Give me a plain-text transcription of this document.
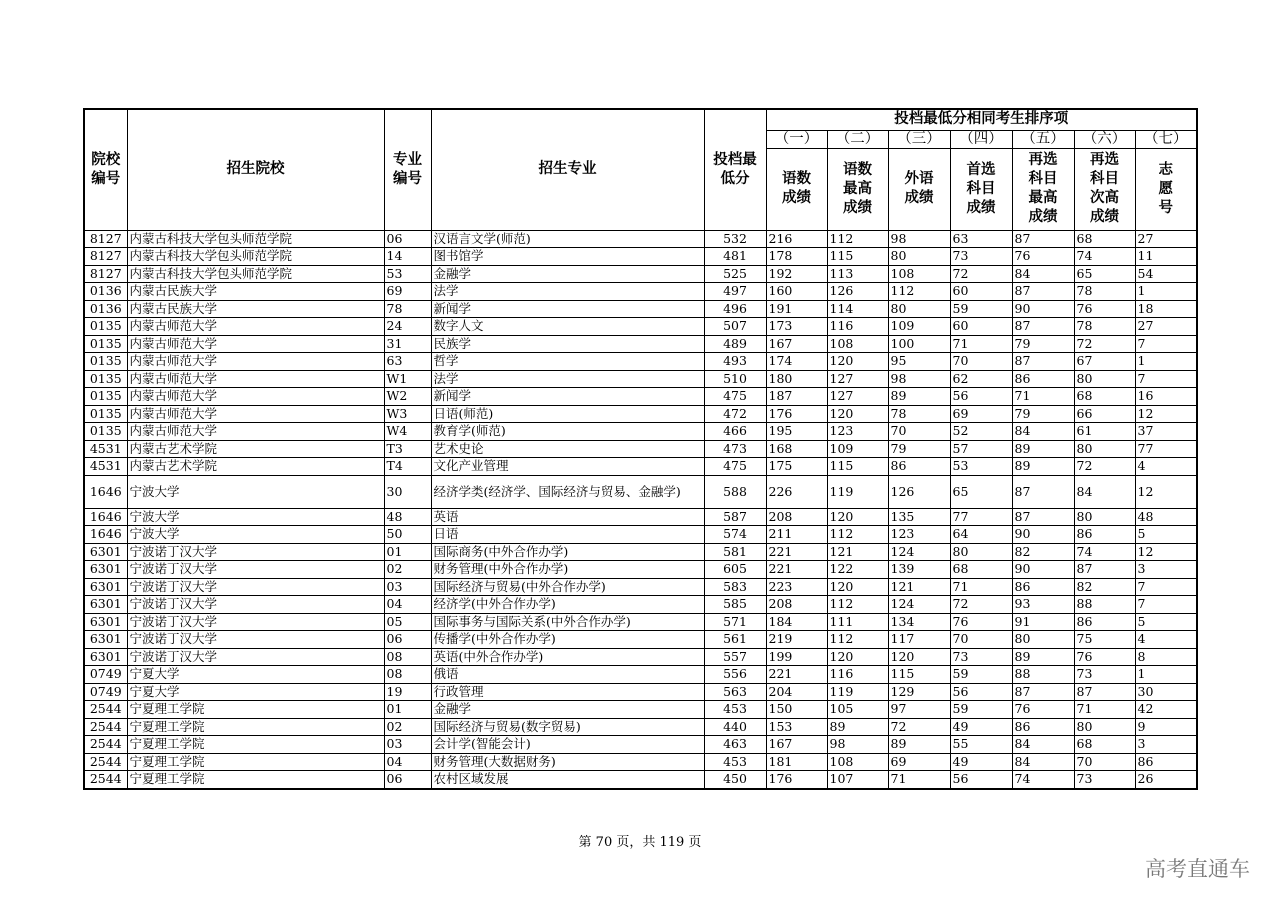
院校编号	招生院校	专业编号	招生专业	投档最低分	投档最低分相同考生排序项						
					（一）	（二）	（三）	（四）	（五）	（六）	（七）
					语数成绩	语数最高成绩	外语成绩	首选科目成绩	再选科目最高成绩	再选科目次高成绩	志愿号
8127	内蒙古科技大学包头师范学院	06	汉语言文学(师范)	532	216	112	98	63	87	68	27
8127	内蒙古科技大学包头师范学院	14	图书馆学	481	178	115	80	73	76	74	11
8127	内蒙古科技大学包头师范学院	53	金融学	525	192	113	108	72	84	65	54
0136	内蒙古民族大学	69	法学	497	160	126	112	60	87	78	1
0136	内蒙古民族大学	78	新闻学	496	191	114	80	59	90	76	18
0135	内蒙古师范大学	24	数字人文	507	173	116	109	60	87	78	27
0135	内蒙古师范大学	31	民族学	489	167	108	100	71	79	72	7
0135	内蒙古师范大学	63	哲学	493	174	120	95	70	87	67	1
0135	内蒙古师范大学	W1	法学	510	180	127	98	62	86	80	7
0135	内蒙古师范大学	W2	新闻学	475	187	127	89	56	71	68	16
0135	内蒙古师范大学	W3	日语(师范)	472	176	120	78	69	79	66	12
0135	内蒙古师范大学	W4	教育学(师范)	466	195	123	70	52	84	61	37
4531	内蒙古艺术学院	T3	艺术史论	473	168	109	79	57	89	80	77
4531	内蒙古艺术学院	T4	文化产业管理	475	175	115	86	53	89	72	4
1646	宁波大学	30	经济学类(经济学、国际经济与贸易、金融学)	588	226	119	126	65	87	84	12
1646	宁波大学	48	英语	587	208	120	135	77	87	80	48
1646	宁波大学	50	日语	574	211	112	123	64	90	86	5
6301	宁波诺丁汉大学	01	国际商务(中外合作办学)	581	221	121	124	80	82	74	12
6301	宁波诺丁汉大学	02	财务管理(中外合作办学)	605	221	122	139	68	90	87	3
6301	宁波诺丁汉大学	03	国际经济与贸易(中外合作办学)	583	223	120	121	71	86	82	7
6301	宁波诺丁汉大学	04	经济学(中外合作办学)	585	208	112	124	72	93	88	7
6301	宁波诺丁汉大学	05	国际事务与国际关系(中外合作办学)	571	184	111	134	76	91	86	5
6301	宁波诺丁汉大学	06	传播学(中外合作办学)	561	219	112	117	70	80	75	4
6301	宁波诺丁汉大学	08	英语(中外合作办学)	557	199	120	120	73	89	76	8
0749	宁夏大学	08	俄语	556	221	116	115	59	88	73	1
0749	宁夏大学	19	行政管理	563	204	119	129	56	87	87	30
2544	宁夏理工学院	01	金融学	453	150	105	97	59	76	71	42
2544	宁夏理工学院	02	国际经济与贸易(数字贸易)	440	153	89	72	49	86	80	9
2544	宁夏理工学院	03	会计学(智能会计)	463	167	98	89	55	84	68	3
2544	宁夏理工学院	04	财务管理(大数据财务)	453	181	108	69	49	84	70	86
2544	宁夏理工学院	06	农村区域发展	450	176	107	71	56	74	73	26
第 70 页，共 119 页
高考直通车
